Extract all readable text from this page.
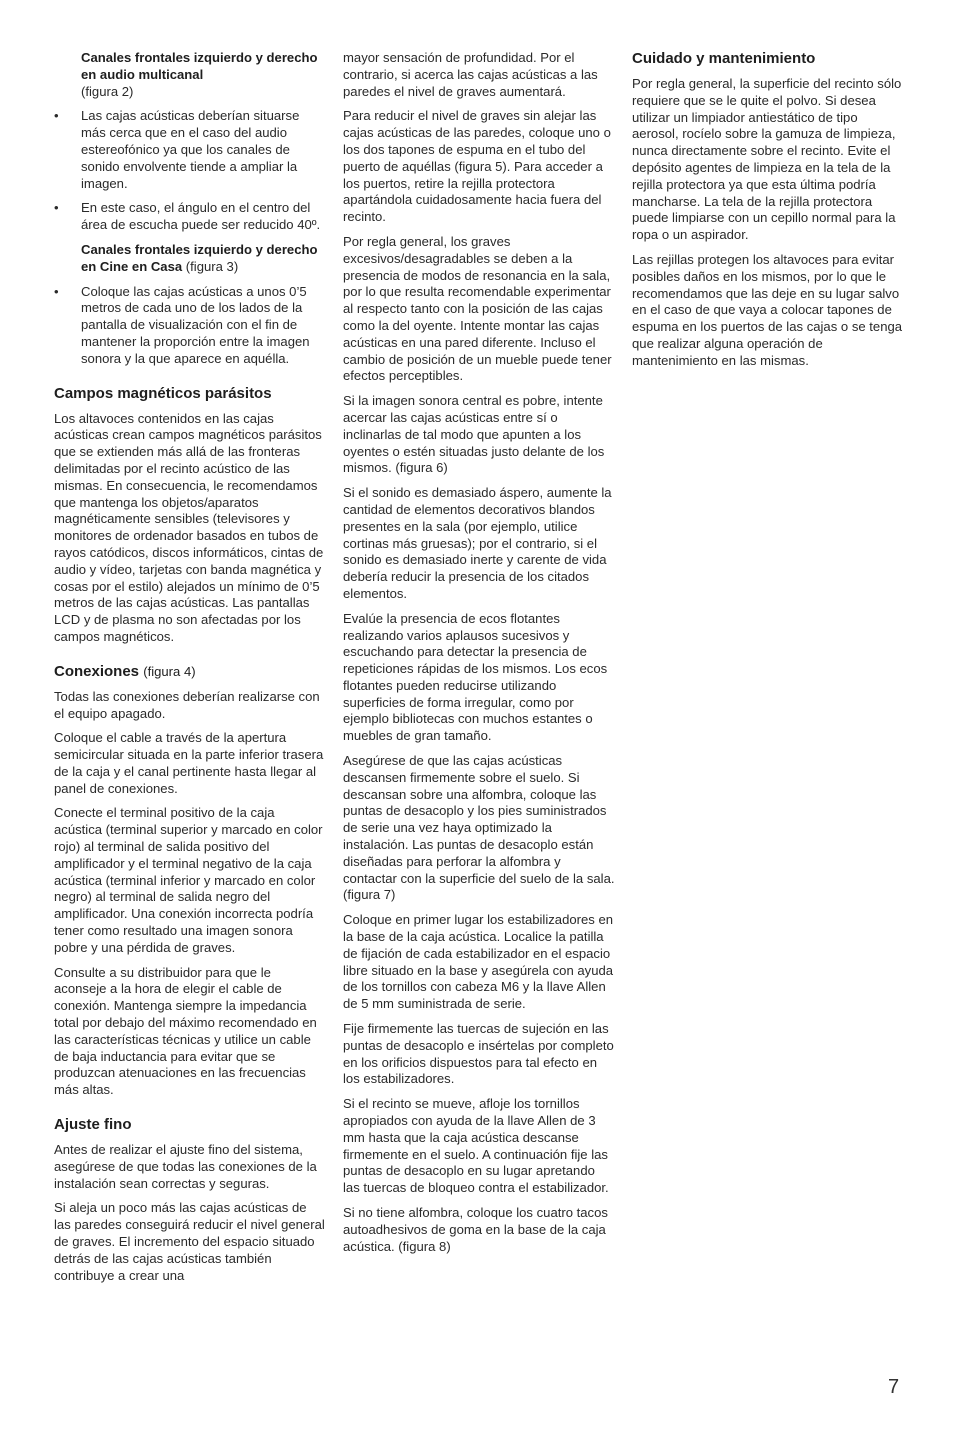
Canales frontales izquierdo y derecho en audio multicanal
(figura 2)

• Las cajas acústicas deberían situarse más cerca que en el caso del audio estereofónico ya que los canales de sonido envolvente tiende a ampliar la imagen.

• En este caso, el ángulo en el centro del área de escucha puede ser reducido 40º.

Canales frontales izquierdo y derecho en Cine en Casa (figura 3)

• Coloque las cajas acústicas a unos 0’5 metros de cada uno de los lados de la pantalla de visualización con el fin de mantener la proporción entre la imagen sonora y la que aparece en aquélla.

Campos magnéticos parásitos

Los altavoces contenidos en las cajas acústicas crean campos magnéticos parásitos que se extienden más allá de las fronteras delimitadas por el recinto acústico de las mismas. En consecuencia, le recomendamos que mantenga los objetos/aparatos magnéticamente sensibles (televisores y monitores de ordenador basados en tubos de rayos catódicos, discos informáticos, cintas de audio y vídeo, tarjetas con banda magnética y cosas por el estilo) alejados un mínimo de 0’5 metros de las cajas acústicas. Las pantallas LCD y de plasma no son afectadas por los campos magnéticos.

Conexiones (figura 4)

Todas las conexiones deberían realizarse con el equipo apagado.

Coloque el cable a través de la apertura semicircular situada en la parte inferior trasera de la caja y el canal pertinente hasta llegar al panel de conexiones.

Conecte el terminal positivo de la caja acústica (terminal superior y marcado en color rojo) al terminal de salida positivo del amplificador y el terminal negativo de la caja acústica (terminal inferior y marcado en color negro) al terminal de salida negro del amplificador. Una conexión incorrecta podría tener como resultado una imagen sonora pobre y una pérdida de graves.

Consulte a su distribuidor para que le aconseje a la hora de elegir el cable de conexión. Mantenga siempre la impedancia total por debajo del máximo recomendado en las características técnicas y utilice un cable de baja inductancia para evitar que se produzcan atenuaciones en las frecuencias más altas.

Ajuste fino

Antes de realizar el ajuste fino del sistema, asegúrese de que todas las conexiones de la instalación sean correctas y seguras.

Si aleja un poco más las cajas acústicas de las paredes conseguirá reducir el nivel general de graves. El incremento del espacio situado detrás de las cajas acústicas también contribuye a crear una

mayor sensación de profundidad. Por el contrario, si acerca las cajas acústicas a las paredes el nivel de graves aumentará.

Para reducir el nivel de graves sin alejar las cajas acústicas de las paredes, coloque uno o los dos tapones de espuma en el tubo del puerto de aquéllas (figura 5). Para acceder a los puertos, retire la rejilla protectora apartándola cuidadosamente hacia fuera del recinto.

Por regla general, los graves excesivos/desagradables se deben a la presencia de modos de resonancia en la sala, por lo que resulta recomendable experimentar al respecto tanto con la posición de las cajas como la del oyente. Intente montar las cajas acústicas en una pared diferente. Incluso el cambio de posición de un mueble puede tener efectos perceptibles.

Si la imagen sonora central es pobre, intente acercar las cajas acústicas entre sí o inclinarlas de tal modo que apunten a los oyentes o estén situadas justo delante de los mismos. (figura 6)

Si el sonido es demasiado áspero, aumente la cantidad de elementos decorativos blandos presentes en la sala (por ejemplo, utilice cortinas más gruesas); por el contrario, si el sonido es demasiado inerte y carente de vida debería reducir la presencia de los citados elementos.

Evalúe la presencia de ecos flotantes realizando varios aplausos sucesivos y escuchando para detectar la presencia de repeticiones rápidas de los mismos. Los ecos flotantes pueden reducirse utilizando superficies de forma irregular, como por ejemplo bibliotecas con muchos estantes o muebles de gran tamaño.

Asegúrese de que las cajas acústicas descansen firmemente sobre el suelo. Si descansan sobre una alfombra, coloque las puntas de desacoplo y los pies suministrados de serie una vez haya optimizado la instalación. Las puntas de desacoplo están diseñadas para perforar la alfombra y contactar con la superficie del suelo de la sala. (figura 7)

Coloque en primer lugar los estabilizadores en la base de la caja acústica. Localice la patilla de fijación de cada estabilizador en el espacio libre situado en la base y asegúrela con ayuda de los tornillos con cabeza M6 y la llave Allen de 5 mm suministrada de serie.

Fije firmemente las tuercas de sujeción en las puntas de desacoplo e insértelas por completo en los orificios dispuestos para tal efecto en los estabilizadores.

Si el recinto se mueve, afloje los tornillos apropiados con ayuda de la llave Allen de 3 mm hasta que la caja acústica descanse firmemente en el suelo. A continuación fije las puntas de desacoplo en su lugar apretando las tuercas de bloqueo contra el estabilizador.

Si no tiene alfombra, coloque los cuatro tacos autoadhesivos de goma en la base de la caja acústica. (figura 8)

Cuidado y mantenimiento

Por regla general, la superficie del recinto sólo requiere que se le quite el polvo. Si desea utilizar un limpiador antiestático de tipo aerosol, rocíelo sobre la gamuza de limpieza, nunca directamente sobre el recinto. Evite el depósito agentes de limpieza en la tela de la rejilla protectora ya que esta última podría mancharse. La tela de la rejilla protectora puede limpiarse con un cepillo normal para la ropa o un aspirador.

Las rejillas protegen los altavoces para evitar posibles daños en los mismos, por lo que le recomendamos que las deje en su lugar salvo en el caso de que vaya a colocar tapones de espuma en los puertos de las cajas o se tenga que realizar alguna operación de mantenimiento en las mismas.

7
